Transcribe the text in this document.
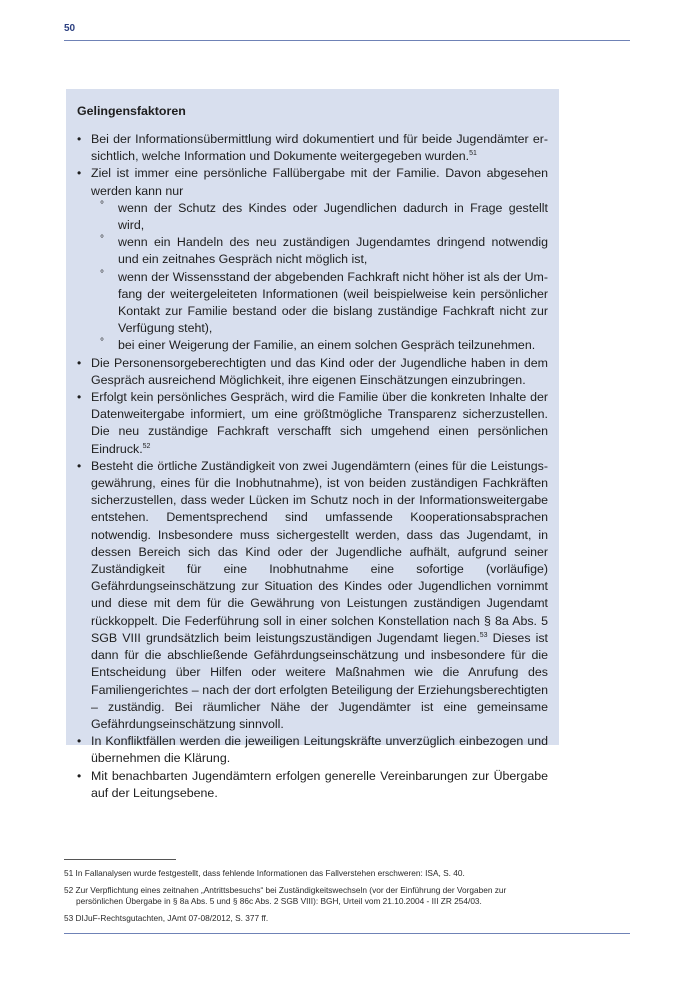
50
Gelingensfaktoren
• Bei der Informationsübermittlung wird dokumentiert und für beide Jugendämter ersichtlich, welche Information und Dokumente weitergegeben wurden.$^{51}$
• Ziel ist immer eine persönliche Fallübergabe mit der Familie. Davon abgesehen werden kann nur
° wenn der Schutz des Kindes oder Jugendlichen dadurch in Frage gestellt wird,
° wenn ein Handeln des neu zuständigen Jugendamtes dringend notwendig und ein zeitnahes Gespräch nicht möglich ist,
° wenn der Wissensstand der abgebenden Fachkraft nicht höher ist als der Umfang der weitergeleiteten Informationen (weil beispielweise kein persönlicher Kontakt zur Familie bestand oder die bislang zuständige Fachkraft nicht zur Verfügung steht),
° bei einer Weigerung der Familie, an einem solchen Gespräch teilzunehmen.
• Die Personensorgeberechtigten und das Kind oder der Jugendliche haben in dem Gespräch ausreichend Möglichkeit, ihre eigenen Einschätzungen einzubringen.
• Erfolgt kein persönliches Gespräch, wird die Familie über die konkreten Inhalte der Datenweitergabe informiert, um eine größtmögliche Transparenz sicherzustellen. Die neu zuständige Fachkraft verschafft sich umgehend einen persönlichen Eindruck.$^{52}$
• Besteht die örtliche Zuständigkeit von zwei Jugendämtern (eines für die Leistungsgewährung, eines für die Inobhutnahme), ist von beiden zuständigen Fachkräften sicherzustellen, dass weder Lücken im Schutz noch in der Informationsweitergabe entstehen. Dementsprechend sind umfassende Kooperationsabsprachen notwendig. Insbesondere muss sichergestellt werden, dass das Jugendamt, in dessen Bereich sich das Kind oder der Jugendliche aufhält, aufgrund seiner Zuständigkeit für eine Inobhutnahme eine sofortige (vorläufige) Gefährdungseinschätzung zur Situation des Kindes oder Jugendlichen vornimmt und diese mit dem für die Gewährung von Leistungen zuständigen Jugendamt rückkoppelt. Die Federführung soll in einer solchen Konstellation nach § 8a Abs. 5 SGB VIII grundsätzlich beim leistungszuständigen Jugendamt liegen.$^{53}$ Dieses ist dann für die abschließende Gefährdungseinschätzung und insbesondere für die Entscheidung über Hilfen oder weitere Maßnahmen wie die Anrufung des Familiengerichtes – nach der dort erfolgten Beteiligung der Erziehungsberechtigten – zuständig. Bei räumlicher Nähe der Jugendämter ist eine gemeinsame Gefährdungseinschätzung sinnvoll.
• In Konfliktfällen werden die jeweiligen Leitungskräfte unverzüglich einbezogen und übernehmen die Klärung.
• Mit benachbarten Jugendämtern erfolgen generelle Vereinbarungen zur Übergabe auf der Leitungsebene.

51 In Fallanalysen wurde festgestellt, dass fehlende Informationen das Fallverstehen erschweren: ISA, S. 40.

52 Zur Verpflichtung eines zeitnahen „Antrittsbesuchs“ bei Zuständigkeitswechseln (vor der Einführung der Vorgaben zur persönlichen Übergabe in § 8a Abs. 5 und § 86c Abs. 2 SGB VIII): BGH, Urteil vom 21.10.2004 - III ZR 254/03.

53 DIJuF-Rechtsgutachten, JAmt 07-08/2012, S. 377 ff.
